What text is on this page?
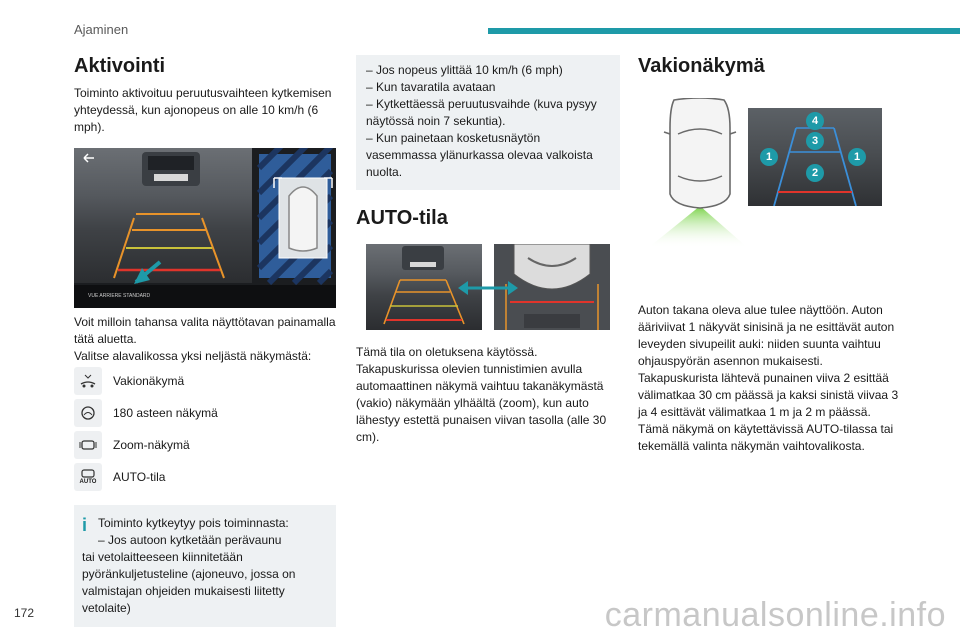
Ajaminen
Aktivointi

Toiminto aktivoituu peruutusvaihteen kytkemisen yhteydessä, kun ajonopeus on alle 10 km/h (6 mph).

VUE ARRIERE STANDARD

Voit milloin tahansa valita näyttötavan painamalla tätä aluetta.

Valitse alavalikossa yksi neljästä näkymästä:

Vakionäkymä
180 asteen näkymä
Zoom-näkymä
AUTO AUTO-tila
i Toiminto kytkeytyy pois toiminnasta:

– Jos autoon kytketään perävaunu

tai vetolaitteeseen kiinnitetään pyöränkuljetusteline (ajoneuvo, jossa on valmistajan ohjeiden mukaisesti liitetty vetolaite)

– Jos nopeus ylittää 10 km/h (6 mph)

– Kun tavaratila avataan

– Kytkettäessä peruutusvaihde (kuva pysyy näytössä noin 7 sekuntia).

– Kun painetaan kosketusnäytön vasemmassa ylänurkassa olevaa valkoista nuolta.

AUTO-tila

Tämä tila on oletuksena käytössä. Takapuskurissa olevien tunnistimien avulla automaattinen näkymä vaihtuu takanäkymästä (vakio) näkymään ylhäältä (zoom), kun auto lähestyy estettä punaisen viivan tasolla (alle 30 cm).

Vakionäkymä
4
3
1	1
2

Auton takana oleva alue tulee näyttöön. Auton ääriviivat 1 näkyvät sinisinä ja ne esittävät auton leveyden sivupeilit auki: niiden suunta vaihtuu ohjauspyörän asennon mukaisesti. Takapuskurista lähtevä punainen viiva 2 esittää välimatkaa 30 cm päässä ja kaksi sinistä viivaa 3 ja 4 esittävät välimatkaa 1 m ja 2 m päässä. Tämä näkymä on käytettävissä AUTO-tilassa tai tekemällä valinta näkymän vaihtovalikosta.

172	carmanualsonline.info
